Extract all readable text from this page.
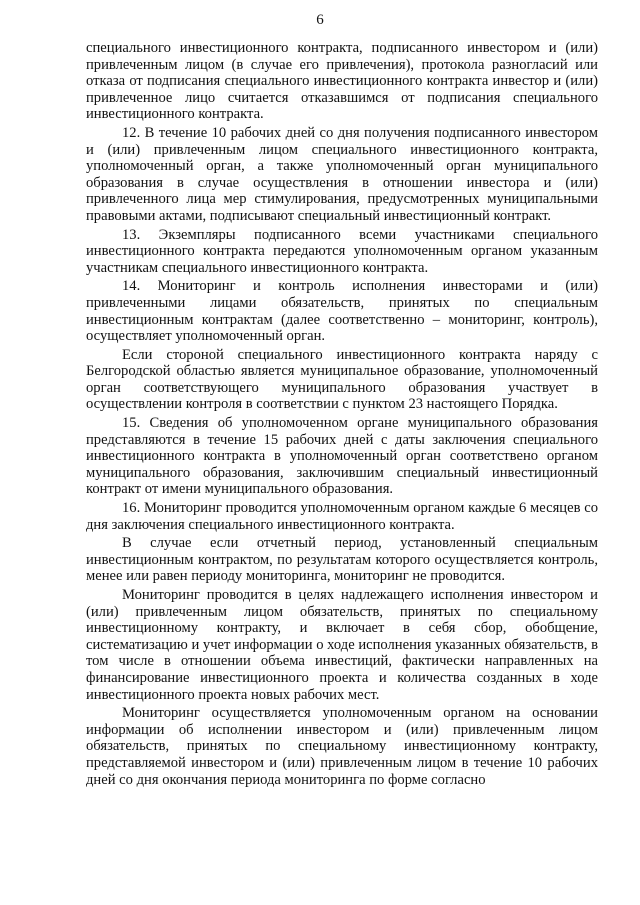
6

специального инвестиционного контракта, подписанного инвестором и (или) привлеченным лицом (в случае его привлечения), протокола разногласий или отказа от подписания специального инвестиционного контракта инвестор и (или) привлеченное лицо считается отказавшимся от подписания специального инвестиционного контракта.

12. В течение 10 рабочих дней со дня получения подписанного инвестором и (или) привлеченным лицом специального инвестиционного контракта, уполномоченный орган, а также уполномоченный орган муниципального образования в случае осуществления в отношении инвестора и (или) привлеченного лица мер стимулирования, предусмотренных муниципальными правовыми актами, подписывают специальный инвестиционный контракт.

13. Экземпляры подписанного всеми участниками специального инвестиционного контракта передаются уполномоченным органом указанным участникам специального инвестиционного контракта.

14. Мониторинг и контроль исполнения инвесторами и (или) привлеченными лицами обязательств, принятых по специальным инвестиционным контрактам (далее соответственно – мониторинг, контроль), осуществляет уполномоченный орган.

Если стороной специального инвестиционного контракта наряду с Белгородской областью является муниципальное образование, уполномоченный орган соответствующего муниципального образования участвует в осуществлении контроля в соответствии с пунктом 23 настоящего Порядка.

15. Сведения об уполномоченном органе муниципального образования представляются в течение 15 рабочих дней с даты заключения специального инвестиционного контракта в уполномоченный орган соответствено органом муниципального образования, заключившим специальный инвестиционный контракт от имени муниципального образования.

16. Мониторинг проводится уполномоченным органом каждые 6 месяцев со дня заключения специального инвестиционного контракта.

В случае если отчетный период, установленный специальным инвестиционным контрактом, по результатам которого осуществляется контроль, менее или равен периоду мониторинга, мониторинг не проводится.

Мониторинг проводится в целях надлежащего исполнения инвестором и (или) привлеченным лицом обязательств, принятых по специальному инвестиционному контракту, и включает в себя сбор, обобщение, систематизацию и учет информации о ходе исполнения указанных обязательств, в том числе в отношении объема инвестиций, фактически направленных на финансирование инвестиционного проекта и количества созданных в ходе инвестиционного проекта новых рабочих мест.

Мониторинг осуществляется уполномоченным органом на основании информации об исполнении инвестором и (или) привлеченным лицом обязательств, принятых по специальному инвестиционному контракту, представляемой инвестором и (или) привлеченным лицом в течение 10 рабочих дней со дня окончания периода мониторинга по форме согласно
